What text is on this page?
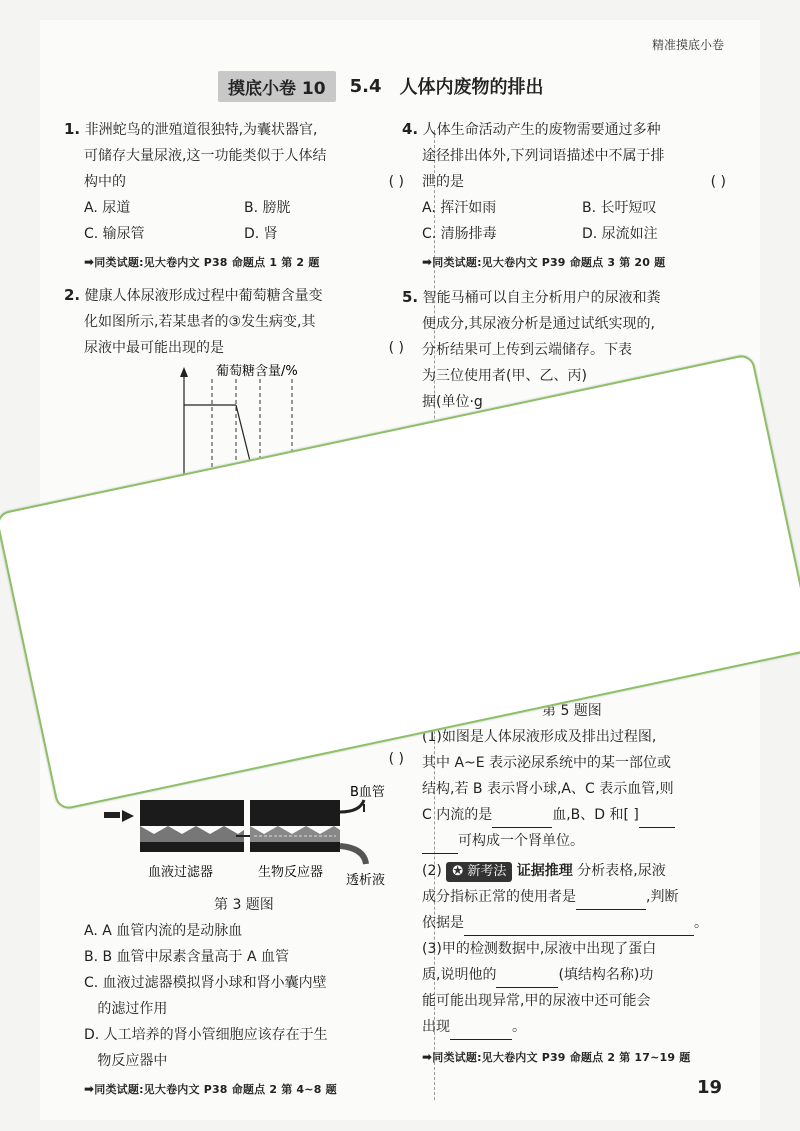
精准摸底小卷
摸底小卷 10	5.4 人体内废物的排出
1. 非洲蛇鸟的泄殖道很独特,为囊状器官,
可储存大量尿液,这一功能类似于人体结
构中的	( )
A. 尿道	B. 膀胱
C. 输尿管	D. 肾
➡同类试题:见大卷内文 P38 命题点 1 第 2 题
2. 健康人体尿液形成过程中葡萄糖含量变
化如图所示,若某患者的③发生病变,其
尿液中最可能出现的是	( )
葡萄糖含量/%
( )
B血管
血液过滤器	生物反应器
透析液
第 3 题图
A. A 血管内流的是动脉血
B. B 血管中尿素含量高于 A 血管
C. 血液过滤器模拟肾小球和肾小囊内壁
的滤过作用
D. 人工培养的肾小管细胞应该存在于生
物反应器中
➡同类试题:见大卷内文 P38 命题点 2 第 4~8 题
4. 人体生命活动产生的废物需要通过多种
途径排出体外,下列词语描述中不属于排
泄的是	( )
A. 挥汗如雨	B. 长吁短叹
C. 清肠排毒	D. 尿流如注
➡同类试题:见大卷内文 P39 命题点 3 第 20 题
5. 智能马桶可以自主分析用户的尿液和粪
便成分,其尿液分析是通过试纸实现的,
分析结果可上传到云端储存。下表
为三位使用者(甲、乙、丙)
据(单位·g
第 5 题图
(1)如图是人体尿液形成及排出过程图,
其中 A~E 表示泌尿系统中的某一部位或
结构,若 B 表示肾小球,A、C 表示血管,则
C 内流的是	血,B、D 和[ ]
可构成一个肾单位。
(2) ✪ 新考法 证据推理 分析表格,尿液
成分指标正常的使用者是	,判断
依据是	。
(3)甲的检测数据中,尿液中出现了蛋白
质,说明他的	(填结构名称)功
能可能出现异常,甲的尿液中还可能会
出现	。
➡同类试题:见大卷内文 P39 命题点 2 第 17~19 题
19
